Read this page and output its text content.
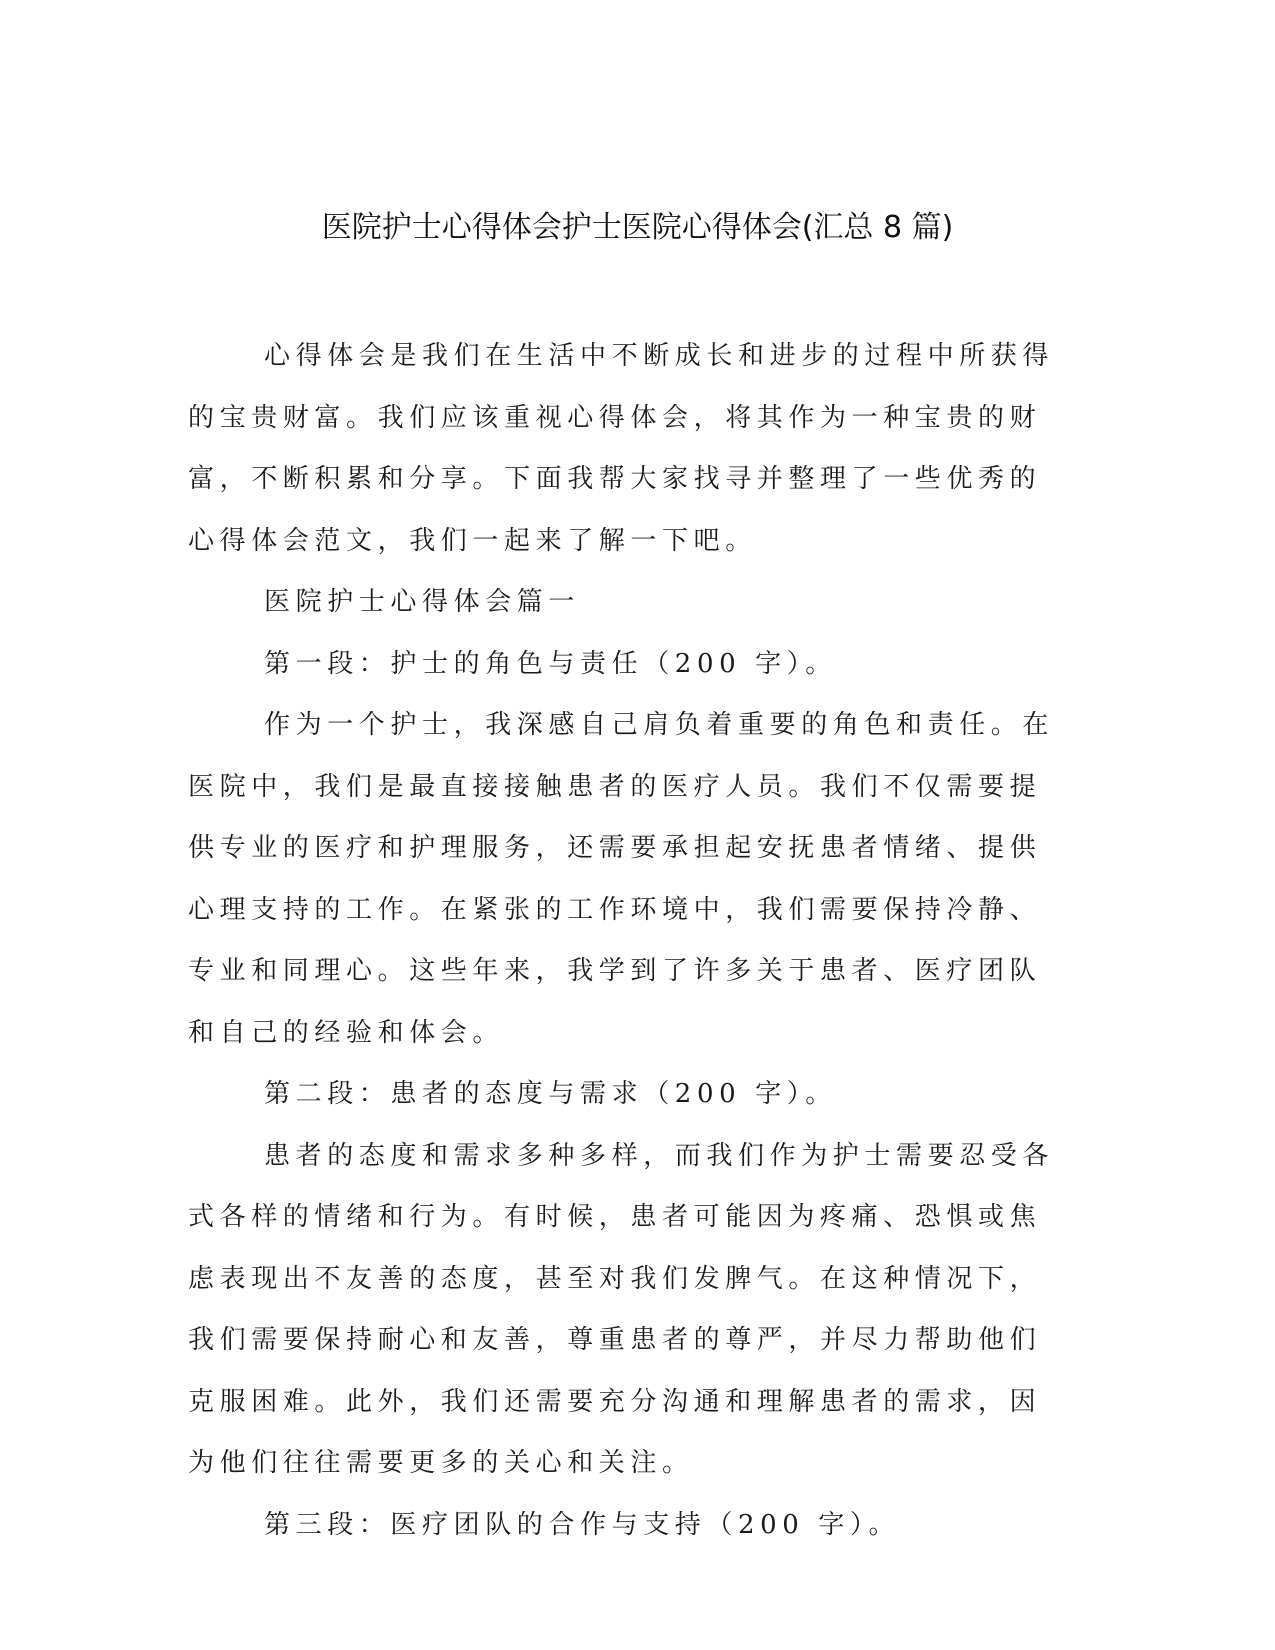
医院护士心得体会护士医院心得体会(汇总 8 篇)

心得体会是我们在生活中不断成长和进步的过程中所获得的宝贵财富。我们应该重视心得体会，将其作为一种宝贵的财富，不断积累和分享。下面我帮大家找寻并整理了一些优秀的心得体会范文，我们一起来了解一下吧。

医院护士心得体会篇一

第一段：护士的角色与责任（200 字）。

作为一个护士，我深感自己肩负着重要的角色和责任。在医院中，我们是最直接接触患者的医疗人员。我们不仅需要提供专业的医疗和护理服务，还需要承担起安抚患者情绪、提供心理支持的工作。在紧张的工作环境中，我们需要保持冷静、专业和同理心。这些年来，我学到了许多关于患者、医疗团队和自己的经验和体会。

第二段：患者的态度与需求（200 字）。

患者的态度和需求多种多样，而我们作为护士需要忍受各式各样的情绪和行为。有时候，患者可能因为疼痛、恐惧或焦虑表现出不友善的态度，甚至对我们发脾气。在这种情况下，我们需要保持耐心和友善，尊重患者的尊严，并尽力帮助他们克服困难。此外，我们还需要充分沟通和理解患者的需求，因为他们往往需要更多的关心和关注。

第三段：医疗团队的合作与支持（200 字）。
